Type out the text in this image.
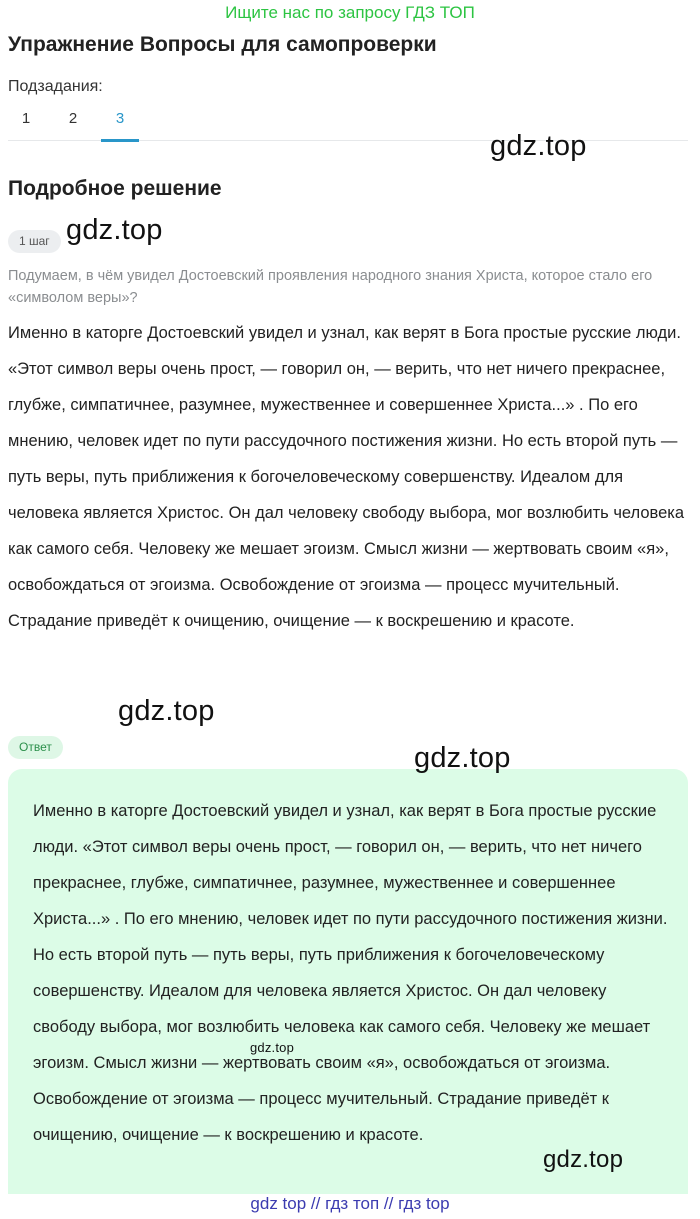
Ищите нас по запросу ГДЗ ТОП
Упражнение Вопросы для самопроверки
Подзадания:
1	2	3
gdz.top
Подробное решение
1 шаг gdz.top

Подумаем, в чём увидел Достоевский проявления народного знания Христа, которое стало его «символом веры»?

Именно в каторге Достоевский увидел и узнал, как верят в Бога простые русские люди. «Этот символ веры очень прост, — говорил он, — верить, что нет ничего прекраснее, глубже, симпатичнее, разумнее, мужественнее и совершеннее Христа...» . По его мнению, человек идет по пути рассудочного постижения жизни. Но есть второй путь — путь веры, путь приближения к богочеловеческому совершенству. Идеалом для человека является Христос. Он дал человеку свободу выбора, мог возлюбить человека как самого себя. Человеку же мешает эгоизм. Смысл жизни — жертвовать своим «я», освобождаться от эгоизма. Освобождение от эгоизма — процесс мучительный. Страдание приведёт к очищению, очищение — к воскрешению и красоте.

gdz.top
Ответ	gdz.top

Именно в каторге Достоевский увидел и узнал, как верят в Бога простые русские люди. «Этот символ веры очень прост, — говорил он, — верить, что нет ничего прекраснее, глубже, симпатичнее, разумнее, мужественнее и совершеннее Христа...» . По его мнению, человек идет по пути рассудочного постижения жизни. Но есть второй путь — путь веры, путь приближения к богочеловеческому совершенству. Идеалом для человека является Христос. Он дал человеку свободу выбора, мог возлюбить человека как самого себя. Человеку же мешает эгоизм. Смысл жизни — жертвовать своим «я», освобождаться от эгоизма. Освобождение от эгоизма — процесс мучительный. Страдание приведёт к очищению, очищение — к воскрешению и красоте.

gdz.top
gdz.top
gdz top // гдз топ // гдз top
